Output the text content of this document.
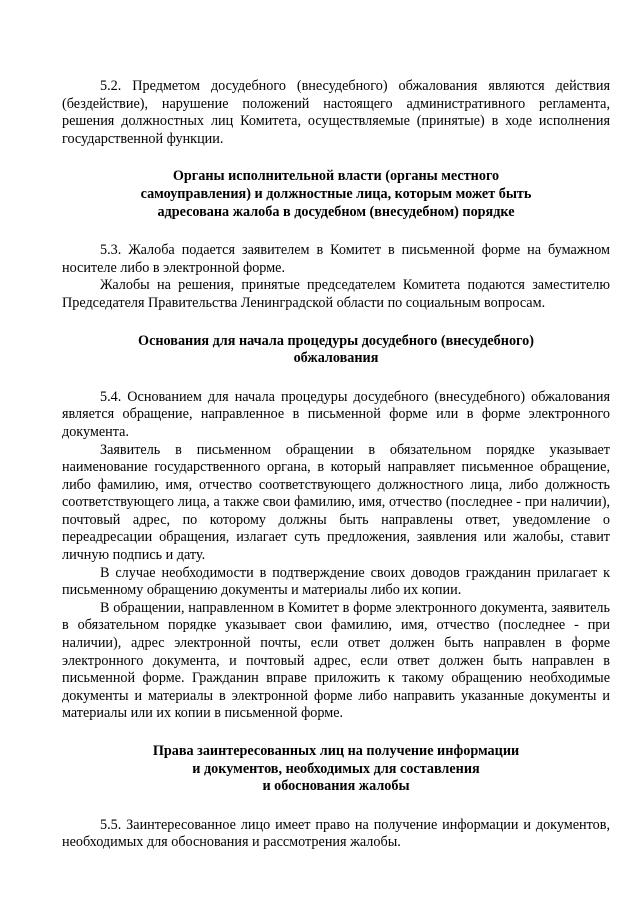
5.2. Предметом досудебного (внесудебного) обжалования являются действия (бездействие), нарушение положений настоящего административного регламента, решения должностных лиц Комитета, осуществляемые (принятые) в ходе исполнения государственной функции.

Органы исполнительной власти (органы местного
самоуправления) и должностные лица, которым может быть
адресована жалоба в досудебном (внесудебном) порядке

5.3. Жалоба подается заявителем в Комитет в письменной форме на бумажном носителе либо в электронной форме.

Жалобы на решения, принятые председателем Комитета подаются заместителю Председателя Правительства Ленинградской области по социальным вопросам.

Основания для начала процедуры досудебного (внесудебного)
обжалования

5.4. Основанием для начала процедуры досудебного (внесудебного) обжалования является обращение, направленное в письменной форме или в форме электронного документа.

Заявитель в письменном обращении в обязательном порядке указывает наименование государственного органа, в который направляет письменное обращение, либо фамилию, имя, отчество соответствующего должностного лица, либо должность соответствующего лица, а также свои фамилию, имя, отчество (последнее - при наличии), почтовый адрес, по которому должны быть направлены ответ, уведомление о переадресации обращения, излагает суть предложения, заявления или жалобы, ставит личную подпись и дату.

В случае необходимости в подтверждение своих доводов гражданин прилагает к письменному обращению документы и материалы либо их копии.

В обращении, направленном в Комитет в форме электронного документа, заявитель в обязательном порядке указывает свои фамилию, имя, отчество (последнее - при наличии), адрес электронной почты, если ответ должен быть направлен в форме электронного документа, и почтовый адрес, если ответ должен быть направлен в письменной форме. Гражданин вправе приложить к такому обращению необходимые документы и материалы в электронной форме либо направить указанные документы и материалы или их копии в письменной форме.

Права заинтересованных лиц на получение информации
и документов, необходимых для составления
и обоснования жалобы

5.5. Заинтересованное лицо имеет право на получение информации и документов, необходимых для обоснования и рассмотрения жалобы.
